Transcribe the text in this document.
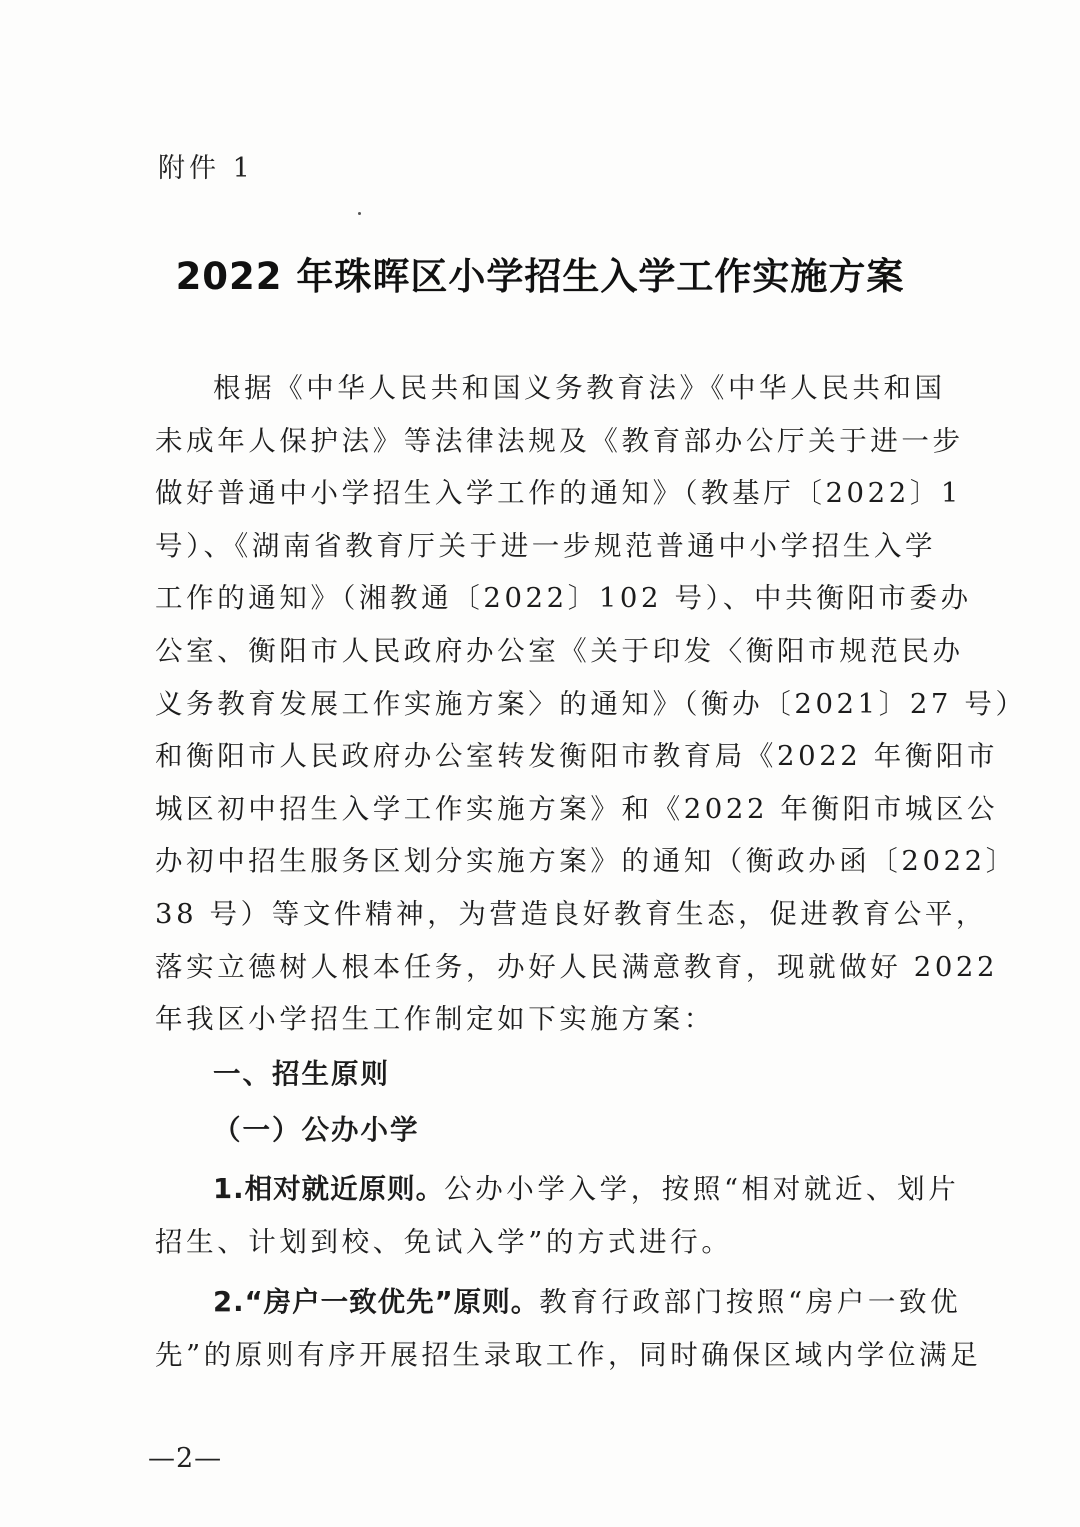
附件 1
2022 年珠晖区小学招生入学工作实施方案
根据《中华人民共和国义务教育法》《中华人民共和国
未成年人保护法》等法律法规及《教育部办公厅关于进一步
做好普通中小学招生入学工作的通知》（教基厅〔2022〕1
号）、《湖南省教育厅关于进一步规范普通中小学招生入学
工作的通知》（湘教通〔2022〕102 号）、中共衡阳市委办
公室、衡阳市人民政府办公室《关于印发〈衡阳市规范民办
义务教育发展工作实施方案〉的通知》（衡办〔2021〕27 号）
和衡阳市人民政府办公室转发衡阳市教育局《2022 年衡阳市
城区初中招生入学工作实施方案》和《2022 年衡阳市城区公
办初中招生服务区划分实施方案》的通知（衡政办函〔2022〕
38 号）等文件精神，为营造良好教育生态，促进教育公平，
落实立德树人根本任务，办好人民满意教育，现就做好 2022
年我区小学招生工作制定如下实施方案：
一、招生原则
（一）公办小学
1.相对就近原则。公办小学入学，按照“相对就近、划片
招生、计划到校、免试入学”的方式进行。
2.“房户一致优先”原则。教育行政部门按照“房户一致优
先”的原则有序开展招生录取工作，同时确保区域内学位满足
—2—
